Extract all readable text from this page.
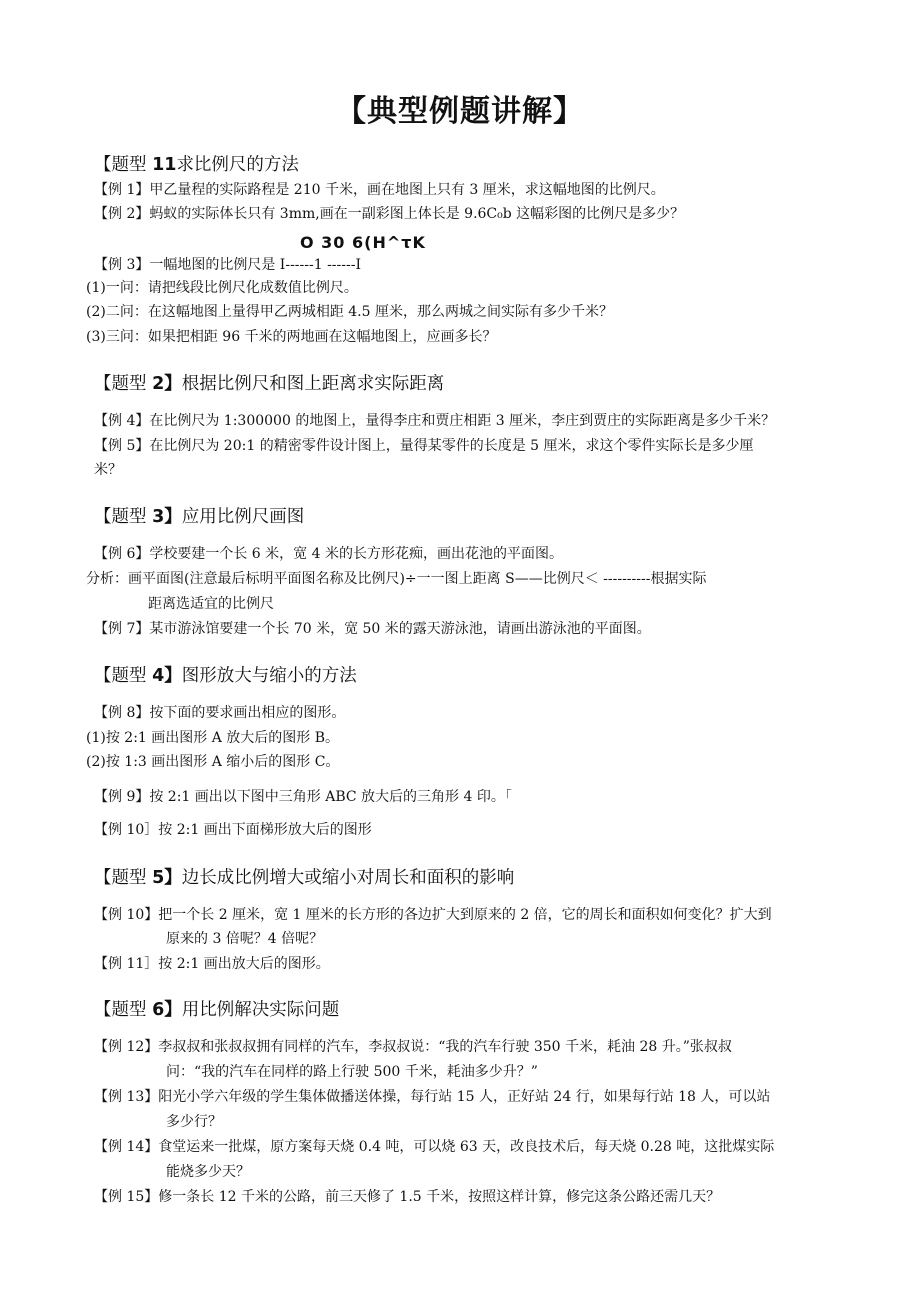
【典型例题讲解】
【题型 11求比例尺的方法
【例 1】甲乙量程的实际路程是 210 千米，画在地图上只有 3 厘米，求这幅地图的比例尺。
【例 2】蚂蚁的实际体长只有 3mm,画在一副彩图上体长是 9.6C₀b 这幅彩图的比例尺是多少？
O 30 6(H^τK
【例 3】一幅地图的比例尺是 I------1 ------I
(1)一问：请把线段比例尺化成数值比例尺。
(2)二问：在这幅地图上量得甲乙两城相距 4.5 厘米，那么两城之间实际有多少千米？
(3)三问：如果把相距 96 千米的两地画在这幅地图上，应画多长？
【题型 2】根据比例尺和图上距离求实际距离
【例 4】在比例尺为 1:300000 的地图上，量得李庄和贾庄相距 3 厘米，李庄到贾庄的实际距离是多少千米？
【例 5】在比例尺为 20:1 的精密零件设计图上，量得某零件的长度是 5 厘米，求这个零件实际长是多少厘
米？
【题型 3】应用比例尺画图
【例 6】学校要建一个长 6 米，宽 4 米的长方形花痴，画出花池的平面图。
分析：画平面图(注意最后标明平面图名称及比例尺)÷一一图上距离 S——比例尺＜ ----------根据实际
距离选适宜的比例尺
【例 7】某市游泳馆要建一个长 70 米，宽 50 米的露天游泳池，请画出游泳池的平面图。
【题型 4】图形放大与缩小的方法
【例 8】按下面的要求画出相应的图形。
(1)按 2:1 画出图形 A 放大后的图形 B。
(2)按 1:3 画出图形 A 缩小后的图形 C。
【例 9】按 2:1 画出以下图中三角形 ABC 放大后的三角形 4 印。「
【例 10］按 2:1 画出下面梯形放大后的图形
【题型 5】边长成比例增大或缩小对周长和面积的影响
【例 10】把一个长 2 厘米，宽 1 厘米的长方形的各边扩大到原来的 2 倍，它的周长和面积如何变化？扩大到
原来的 3 倍呢？4 倍呢？
【例 11］按 2:1 画出放大后的图形。
【题型 6】用比例解决实际问题
【例 12】李叔叔和张叔叔拥有同样的汽车，李叔叔说：“我的汽车行驶 350 千米，耗油 28 升。”张叔叔
问：“我的汽车在同样的路上行驶 500 千米，耗油多少升？”
【例 13】阳光小学六年级的学生集体做播送体操，每行站 15 人，正好站 24 行，如果每行站 18 人，可以站
多少行？
【例 14】食堂运来一批煤，原方案每天烧 0.4 吨，可以烧 63 天，改良技术后，每天烧 0.28 吨，这批煤实际
能烧多少天？
【例 15】修一条长 12 千米的公路，前三天修了 1.5 千米，按照这样计算，修完这条公路还需几天？
